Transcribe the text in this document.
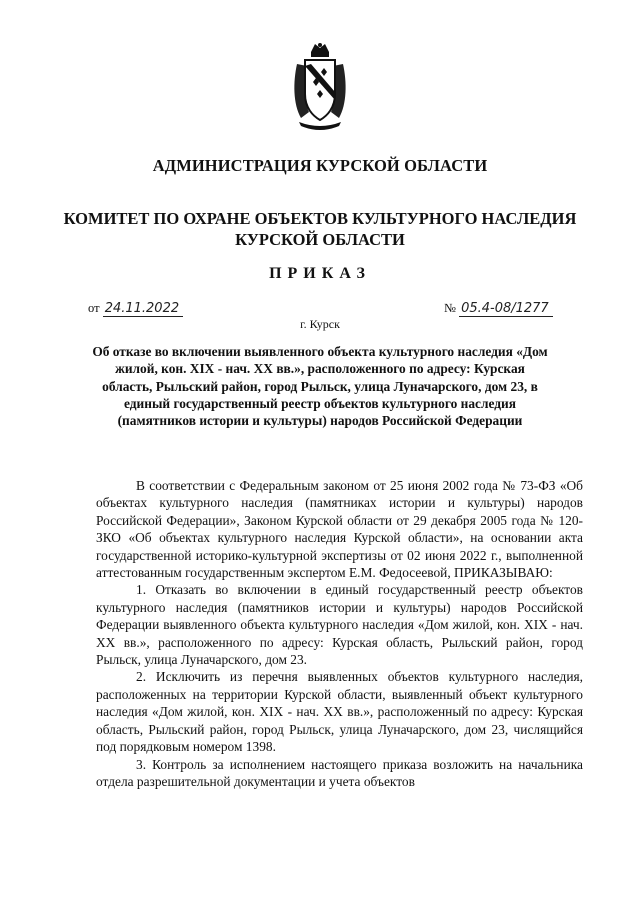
АДМИНИСТРАЦИЯ КУРСКОЙ ОБЛАСТИ
КОМИТЕТ ПО ОХРАНЕ ОБЪЕКТОВ КУЛЬТУРНОГО НАСЛЕДИЯ КУРСКОЙ ОБЛАСТИ
ПРИКАЗ
от 24.11.2022	№ 05.4-08/1277
г. Курск
Об отказе во включении выявленного объекта культурного наследия «Дом жилой, кон. XIX - нач. XX вв.», расположенного по адресу: Курская область, Рыльский район, город Рыльск, улица Луначарского, дом 23, в единый государственный реестр объектов культурного наследия (памятников истории и культуры) народов Российской Федерации

В соответствии с Федеральным законом от 25 июня 2002 года № 73-ФЗ «Об объектах культурного наследия (памятниках истории и культуры) народов Российской Федерации», Законом Курской области от 29 декабря 2005 года № 120-ЗКО «Об объектах культурного наследия Курской области», на основании акта государственной историко-культурной экспертизы от 02 июня 2022 г., выполненной аттестованным государственным экспертом Е.М. Федосеевой, ПРИКАЗЫВАЮ:

1. Отказать во включении в единый государственный реестр объектов культурного наследия (памятников истории и культуры) народов Российской Федерации выявленного объекта культурного наследия «Дом жилой, кон. XIX - нач. XX вв.», расположенного по адресу: Курская область, Рыльский район, город Рыльск, улица Луначарского, дом 23.

2. Исключить из перечня выявленных объектов культурного наследия, расположенных на территории Курской области, выявленный объект культурного наследия «Дом жилой, кон. XIX - нач. XX вв.», расположенный по адресу: Курская область, Рыльский район, город Рыльск, улица Луначарского, дом 23, числящийся под порядковым номером 1398.

3. Контроль за исполнением настоящего приказа возложить на начальника отдела разрешительной документации и учета объектов
